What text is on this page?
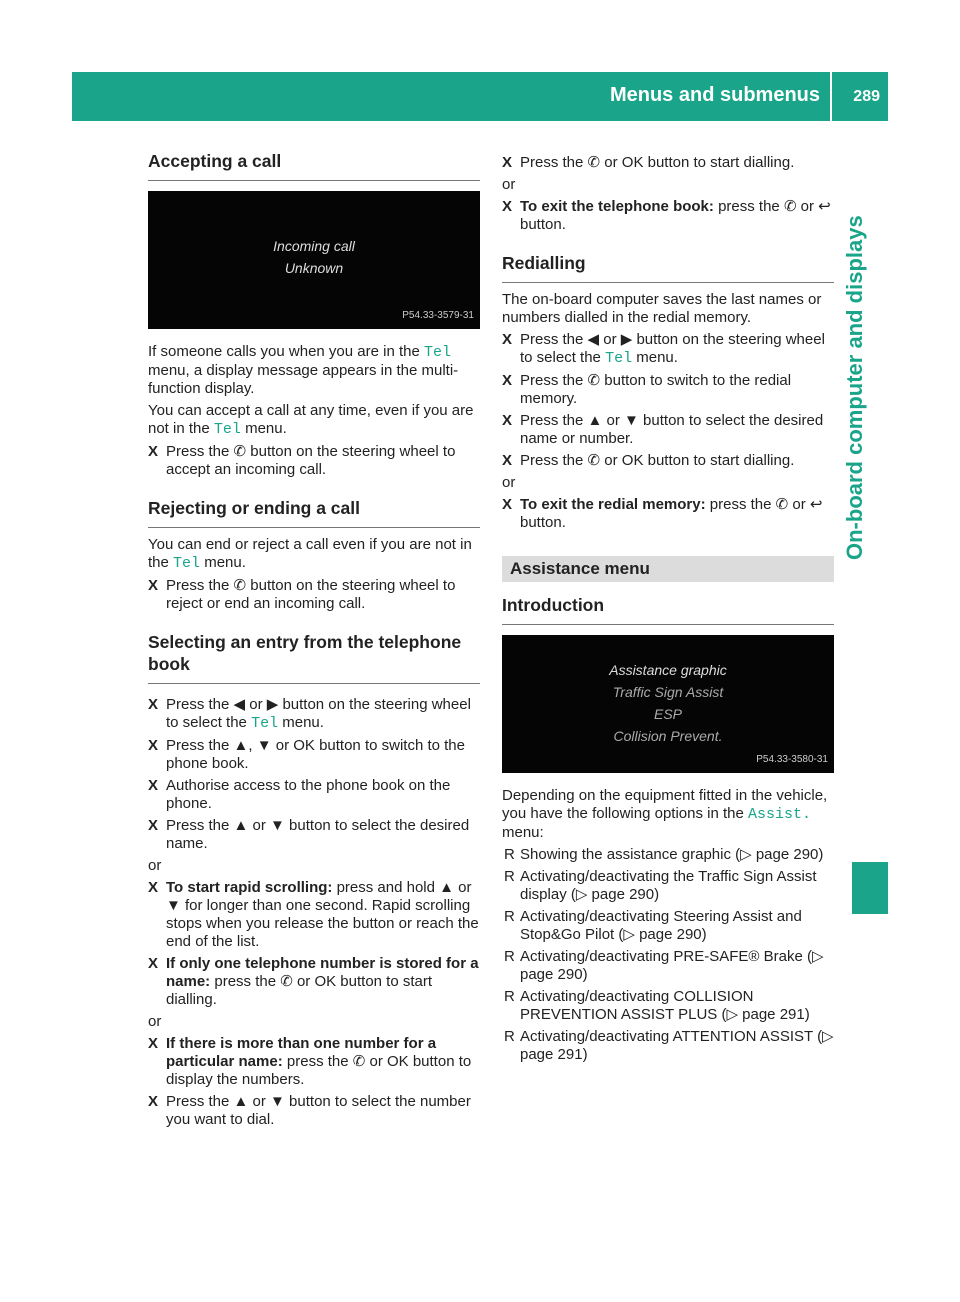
Menus and submenus 289
On-board computer and displays
Accepting a call
Incoming call
Unknown
P54.33-3579-31

If someone calls you when you are in the Tel menu, a display message appears in the multi-function display.

You can accept a call at any time, even if you are not in the Tel menu.

X Press the ✆ button on the steering wheel to accept an incoming call.
Rejecting or ending a call

You can end or reject a call even if you are not in the Tel menu.

X Press the ✆ button on the steering wheel to reject or end an incoming call.
Selecting an entry from the telephone book
X Press the ◀ or ▶ button on the steering wheel to select the Tel menu.
X Press the ▲, ▼ or OK button to switch to the phone book.
X Authorise access to the phone book on the phone.
X Press the ▲ or ▼ button to select the desired name.

or

X To start rapid scrolling: press and hold ▲ or ▼ for longer than one second. Rapid scrolling stops when you release the button or reach the end of the list.
X If only one telephone number is stored for a name: press the ✆ or OK button to start dialling.

or

X If there is more than one number for a particular name: press the ✆ or OK button to display the numbers.
X Press the ▲ or ▼ button to select the number you want to dial.
X Press the ✆ or OK button to start dialling.

or

X To exit the telephone book: press the ✆ or ↩ button.
Redialling

The on-board computer saves the last names or numbers dialled in the redial memory.

X Press the ◀ or ▶ button on the steering wheel to select the Tel menu.
X Press the ✆ button to switch to the redial memory.
X Press the ▲ or ▼ button to select the desired name or number.
X Press the ✆ or OK button to start dialling.

or

X To exit the redial memory: press the ✆ or ↩ button.
Assistance menu
Introduction
Assistance graphic
Traffic Sign Assist
ESP
Collision Prevent.
P54.33-3580-31

Depending on the equipment fitted in the vehicle, you have the following options in the Assist. menu:

R Showing the assistance graphic (▷ page 290)
R Activating/deactivating the Traffic Sign Assist display (▷ page 290)
R Activating/deactivating Steering Assist and Stop&Go Pilot (▷ page 290)
R Activating/deactivating PRE-SAFE® Brake (▷ page 290)
R Activating/deactivating COLLISION PREVENTION ASSIST PLUS (▷ page 291)
R Activating/deactivating ATTENTION ASSIST (▷ page 291)
